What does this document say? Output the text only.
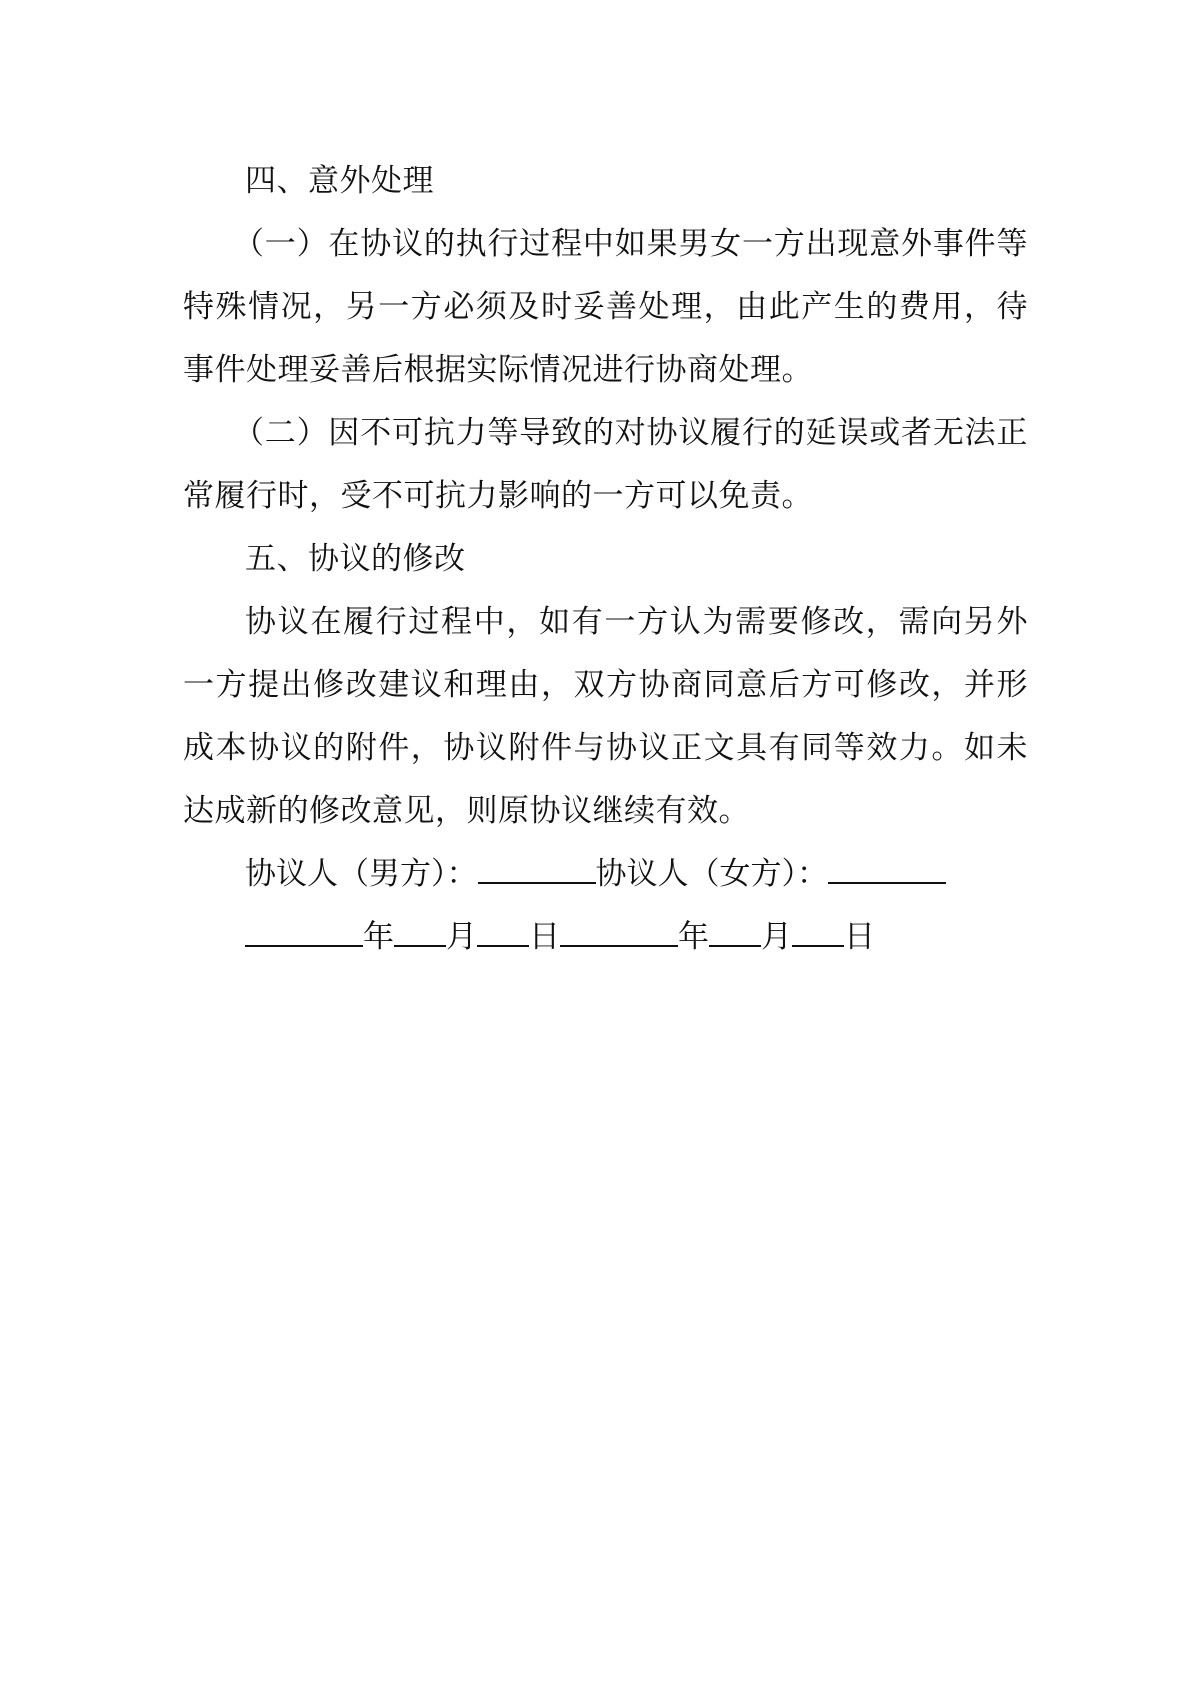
四、意外处理

（一）在协议的执行过程中如果男女一方出现意外事件等特殊情况，另一方必须及时妥善处理，由此产生的费用，待事件处理妥善后根据实际情况进行协商处理。

（二）因不可抗力等导致的对协议履行的延误或者无法正常履行时，受不可抗力影响的一方可以免责。

五、协议的修改

协议在履行过程中，如有一方认为需要修改，需向另外一方提出修改建议和理由，双方协商同意后方可修改，并形成本协议的附件，协议附件与协议正文具有同等效力。如未达成新的修改意见，则原协议继续有效。

协议人（男方）：	协议人（女方）：

年 月 日	年 月 日
